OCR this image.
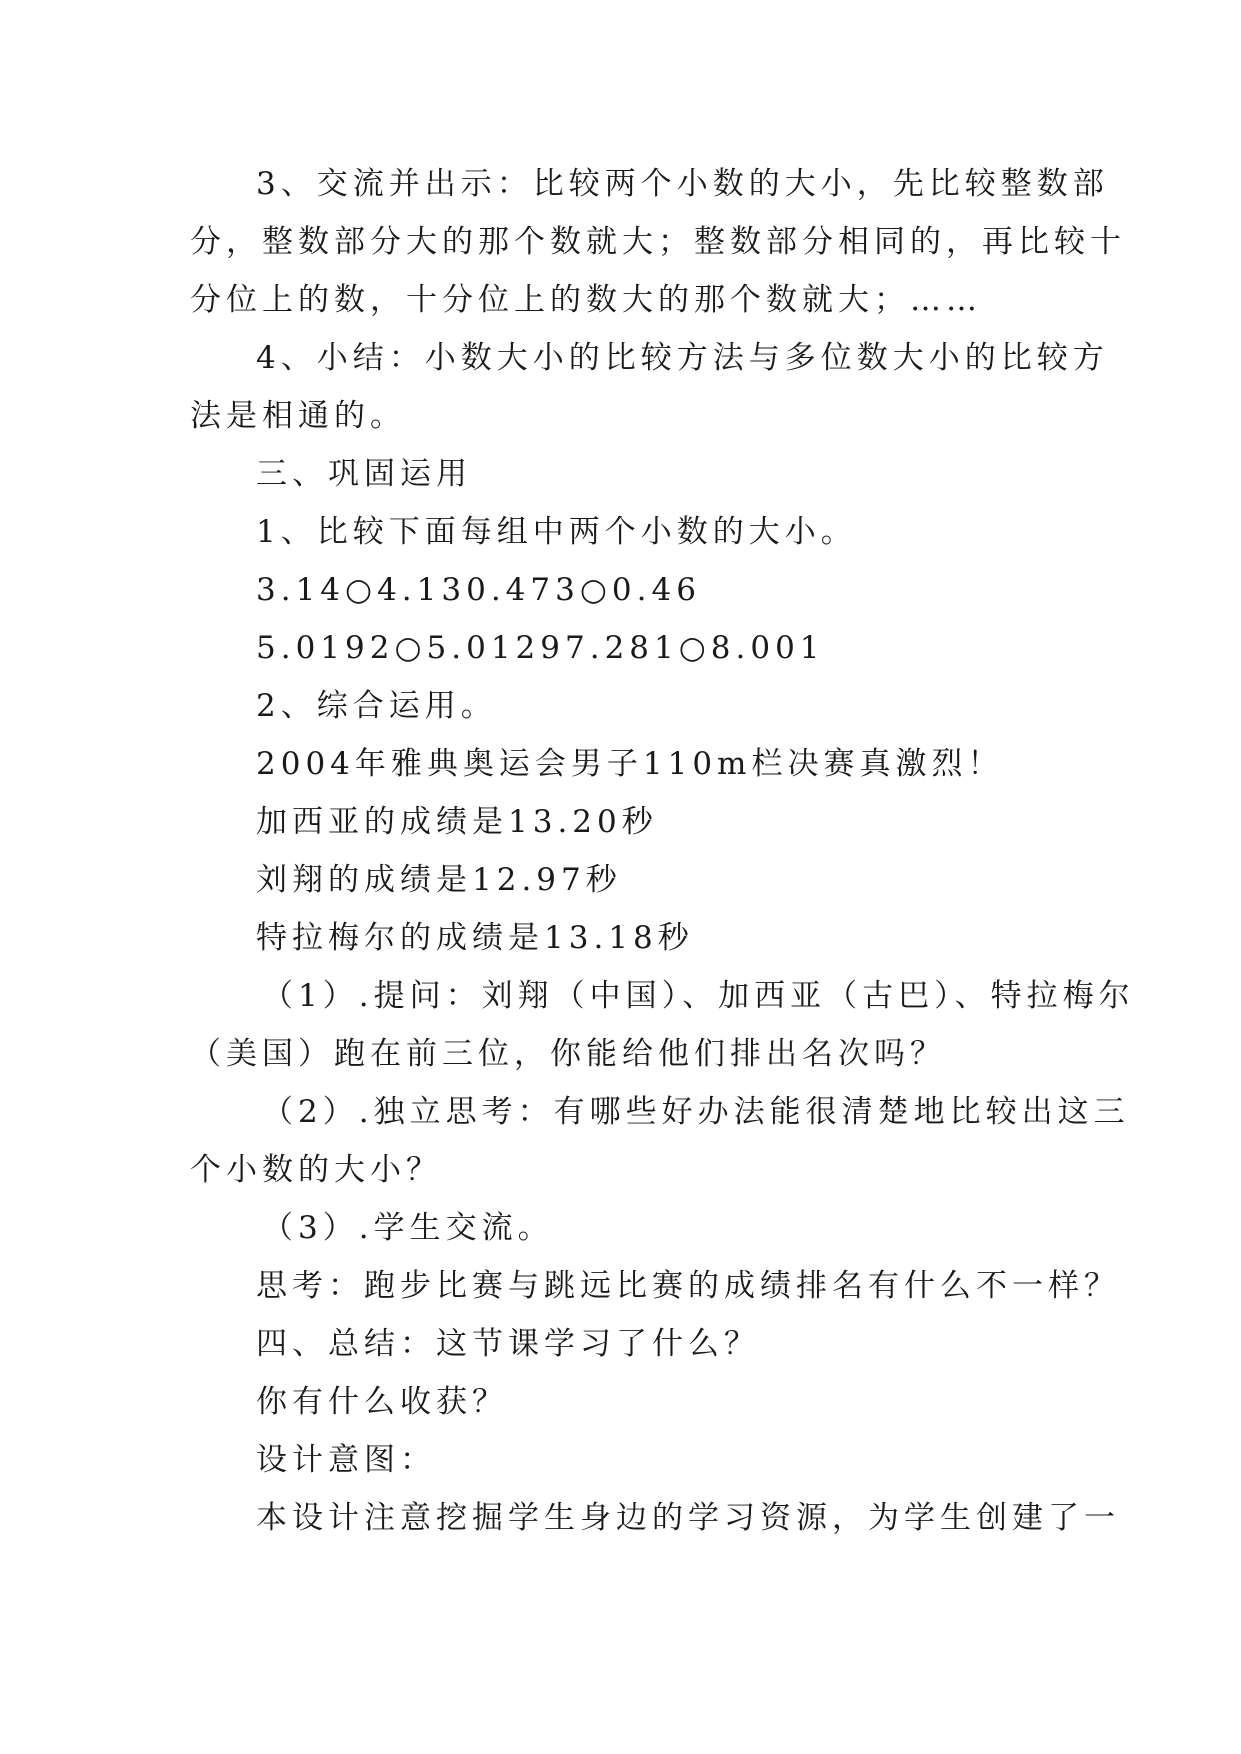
3、交流并出示：比较两个小数的大小，先比较整数部
分，整数部分大的那个数就大；整数部分相同的，再比较十
分位上的数，十分位上的数大的那个数就大；……
4、小结：小数大小的比较方法与多位数大小的比较方
法是相通的。
三、巩固运用
1、比较下面每组中两个小数的大小。
3.14○4.130.473○0.46
5.0192○5.01297.281○8.001
2、综合运用。
2004年雅典奥运会男子110m栏决赛真激烈！
加西亚的成绩是13.20秒
刘翔的成绩是12.97秒
特拉梅尔的成绩是13.18秒
（1）.提问：刘翔（中国）、加西亚（古巴）、特拉梅尔
（美国）跑在前三位，你能给他们排出名次吗？
（2）.独立思考：有哪些好办法能很清楚地比较出这三
个小数的大小？
（3）.学生交流。
思考：跑步比赛与跳远比赛的成绩排名有什么不一样？
四、总结：这节课学习了什么？
你有什么收获？
设计意图：
本设计注意挖掘学生身边的学习资源，为学生创建了一
